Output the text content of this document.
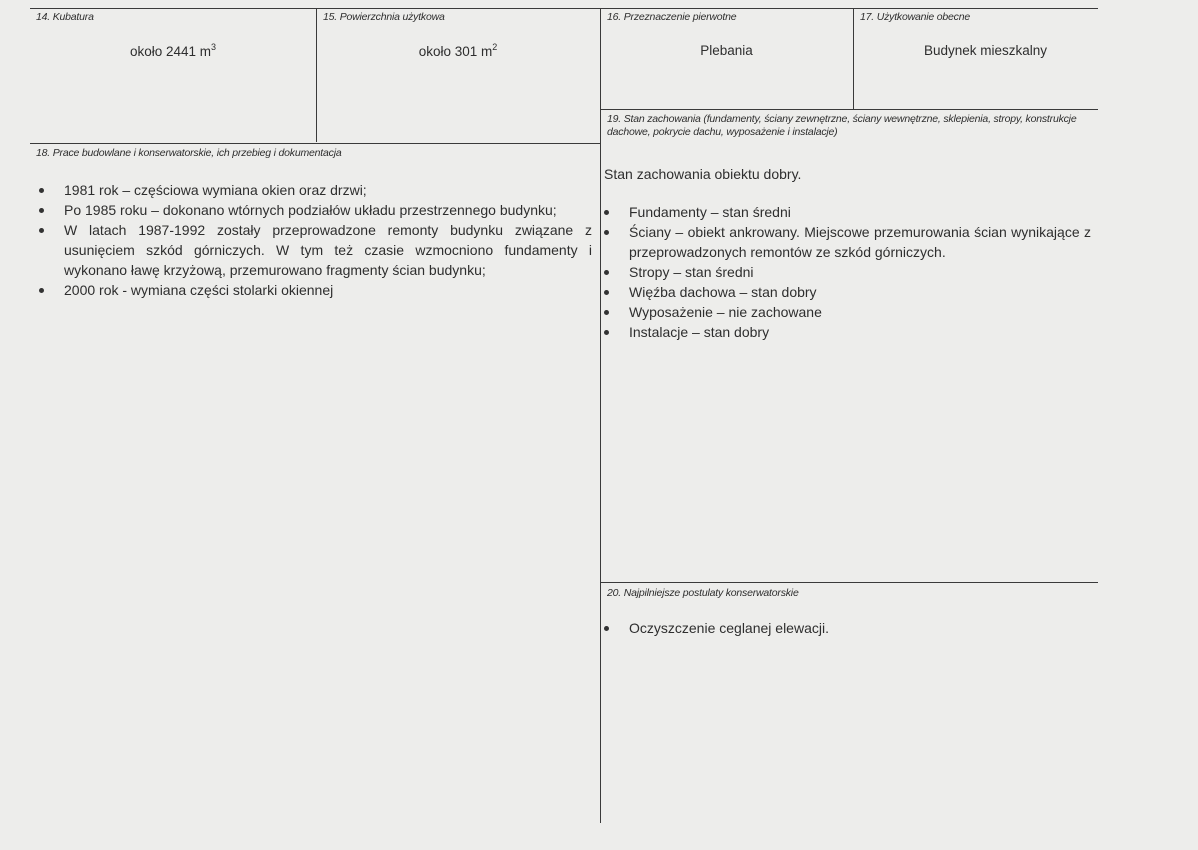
14. Kubatura
około 2441 $m^3$
15. Powierzchnia użytkowa
około 301 $m^2$
16. Przeznaczenie pierwotne
Plebania
17. Użytkowanie obecne
Budynek mieszkalny
18. Prace budowlane i konserwatorskie, ich przebieg i dokumentacja
1981 rok – częściowa wymiana okien oraz drzwi;
Po 1985 roku – dokonano wtórnych podziałów układu przestrzennego budynku;
W latach 1987-1992 zostały przeprowadzone remonty budynku związane z usunięciem szkód górniczych. W tym też czasie wzmocniono fundamenty i wykonano ławę krzyżową, przemurowano fragmenty ścian budynku;
2000 rok - wymiana części stolarki okiennej
19. Stan zachowania (fundamenty, ściany zewnętrzne, ściany wewnętrzne, sklepienia, stropy, konstrukcje dachowe, pokrycie dachu, wyposażenie i instalacje)
Stan zachowania obiektu dobry.
Fundamenty – stan średni
Ściany – obiekt ankrowany. Miejscowe przemurowania ścian wynikające z przeprowadzonych remontów ze szkód górniczych.
Stropy – stan średni
Więźba dachowa – stan dobry
Wyposażenie – nie zachowane
Instalacje – stan dobry
20. Najpilniejsze postulaty konserwatorskie
Oczyszczenie ceglanej elewacji.
